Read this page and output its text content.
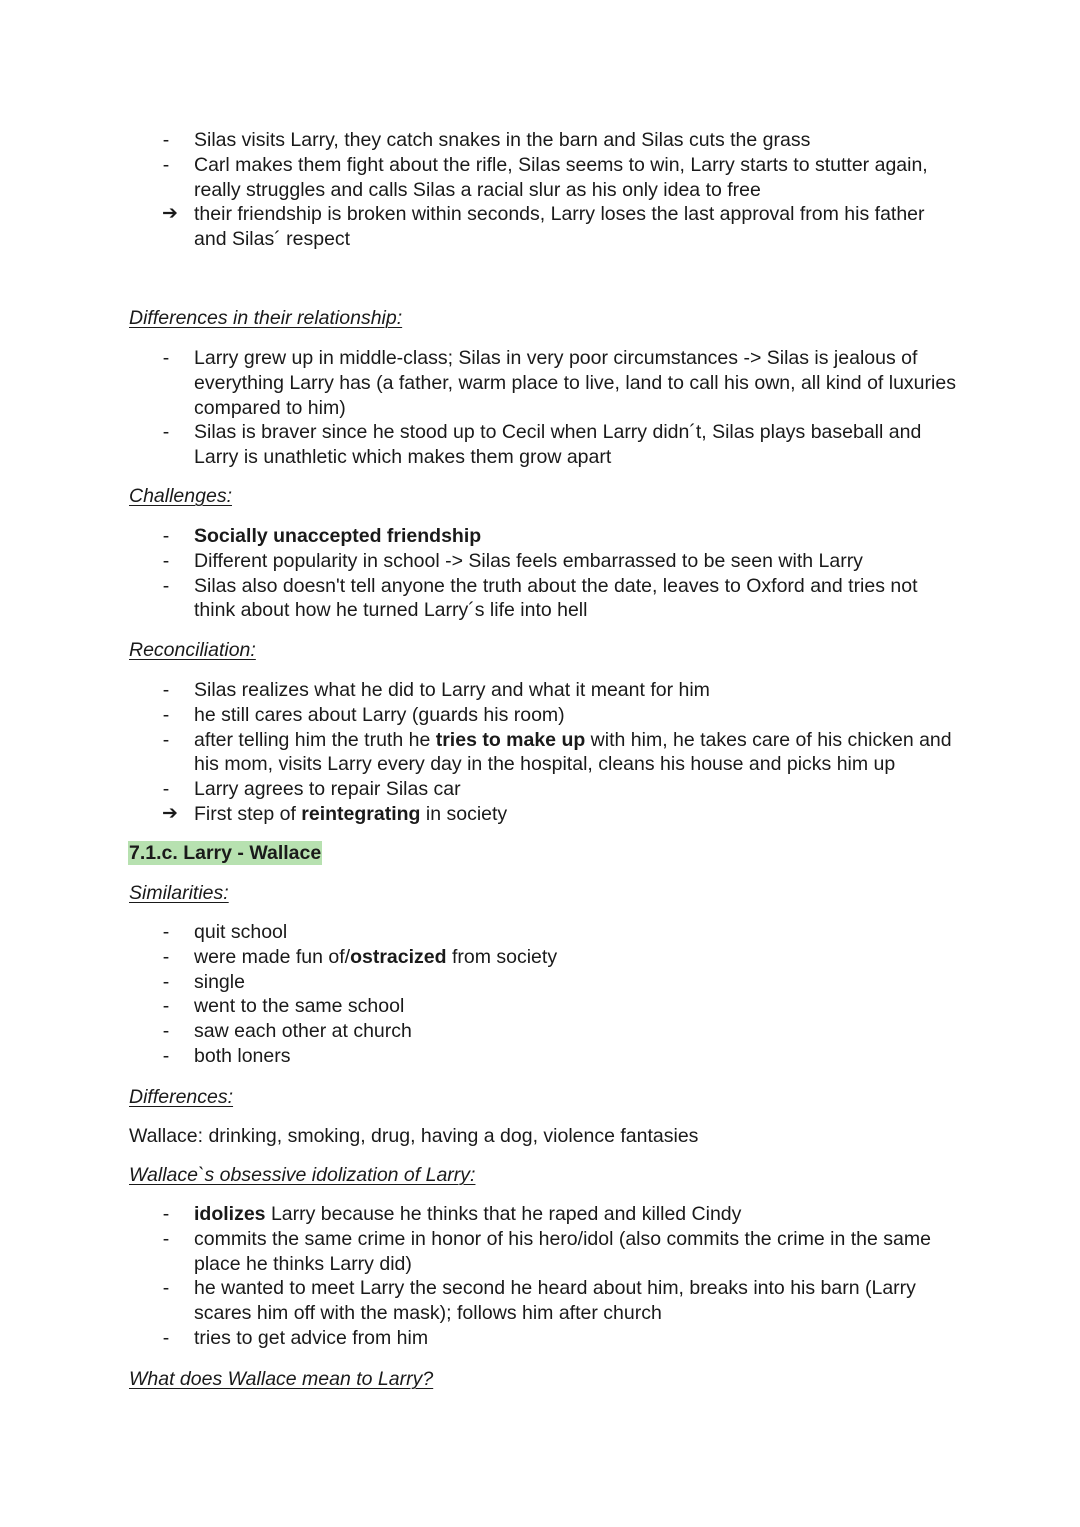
- Silas visits Larry, they catch snakes in the barn and Silas cuts the grass
- Carl makes them fight about the rifle, Silas seems to win, Larry starts to stutter again, really struggles and calls Silas a racial slur as his only idea to free
➔ their friendship is broken within seconds, Larry loses the last approval from his father and Silas´ respect
Differences in their relationship:
- Larry grew up in middle-class; Silas in very poor circumstances -> Silas is jealous of everything Larry has (a father, warm place to live, land to call his own, all kind of luxuries compared to him)
- Silas is braver since he stood up to Cecil when Larry didn´t, Silas plays baseball and Larry is unathletic which makes them grow apart
Challenges:
- Socially unaccepted friendship
- Different popularity in school -> Silas feels embarrassed to be seen with Larry
- Silas also doesn't tell anyone the truth about the date, leaves to Oxford and tries not think about how he turned Larry´s life into hell
Reconciliation:
- Silas realizes what he did to Larry and what it meant for him
- he still cares about Larry (guards his room)
- after telling him the truth he tries to make up with him, he takes care of his chicken and his mom, visits Larry every day in the hospital, cleans his house and picks him up
- Larry agrees to repair Silas car
➔ First step of reintegrating in society
7.1.c. Larry - Wallace
Similarities:
- quit school
- were made fun of/ostracized from society
- single
- went to the same school
- saw each other at church
- both loners
Differences:
Wallace: drinking, smoking, drug, having a dog, violence fantasies
Wallace`s obsessive idolization of Larry:
- idolizes Larry because he thinks that he raped and killed Cindy
- commits the same crime in honor of his hero/idol (also commits the crime in the same place he thinks Larry did)
- he wanted to meet Larry the second he heard about him, breaks into his barn (Larry scares him off with the mask); follows him after church
- tries to get advice from him
What does Wallace mean to Larry?
